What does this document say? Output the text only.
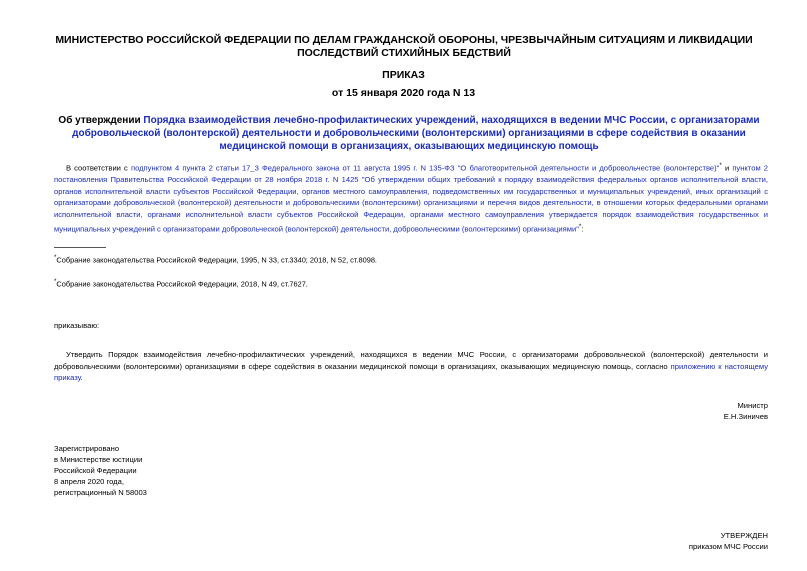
МИНИСТЕРСТВО РОССИЙСКОЙ ФЕДЕРАЦИИ ПО ДЕЛАМ ГРАЖДАНСКОЙ ОБОРОНЫ, ЧРЕЗВЫЧАЙНЫМ СИТУАЦИЯМ И ЛИКВИДАЦИИ ПОСЛЕДСТВИЙ СТИХИЙНЫХ БЕДСТВИЙ
ПРИКАЗ
от 15 января 2020 года N 13
Об утверждении Порядка взаимодействия лечебно-профилактических учреждений, находящихся в ведении МЧС России, с организаторами добровольческой (волонтерской) деятельности и добровольческими (волонтерскими) организациями в сфере содействия в оказании медицинской помощи в организациях, оказывающих медицинскую помощь
В соответствии с подпунктом 4 пункта 2 статьи 17_3 Федерального закона от 11 августа 1995 г. N 135-ФЗ "О благотворительной деятельности и добровольчестве (волонтерстве)"* и пунктом 2 постановления Правительства Российской Федерации от 28 ноября 2018 г. N 1425 "Об утверждении общих требований к порядку взаимодействия федеральных органов исполнительной власти, органов исполнительной власти субъектов Российской Федерации, органов местного самоуправления, подведомственных им государственных и муниципальных учреждений, иных организаций с организаторами добровольческой (волонтерской) деятельности и добровольческими (волонтерскими) организациями и перечня видов деятельности, в отношении которых федеральными органами исполнительной власти, органами исполнительной власти субъектов Российской Федерации, органами местного самоуправления утверждается порядок взаимодействия государственных и муниципальных учреждений с организаторами добровольческой (волонтерской) деятельности, добровольческими (волонтерскими) организациями"*:
*Собрание законодательства Российской Федерации, 1995, N 33, ст.3340; 2018, N 52, ст.8098.
*Собрание законодательства Российской Федерации, 2018, N 49, ст.7627.
приказываю:
Утвердить Порядок взаимодействия лечебно-профилактических учреждений, находящихся в ведении МЧС России, с организаторами добровольческой (волонтерской) деятельности и добровольческими (волонтерскими) организациями в сфере содействия в оказании медицинской помощи в организациях, оказывающих медицинскую помощь, согласно приложению к настоящему приказу.
Министр
Е.Н.Зиничев
Зарегистрировано
в Министерстве юстиции
Российской Федерации
8 апреля 2020 года,
регистрационный N 58003
УТВЕРЖДЕН
приказом МЧС России
